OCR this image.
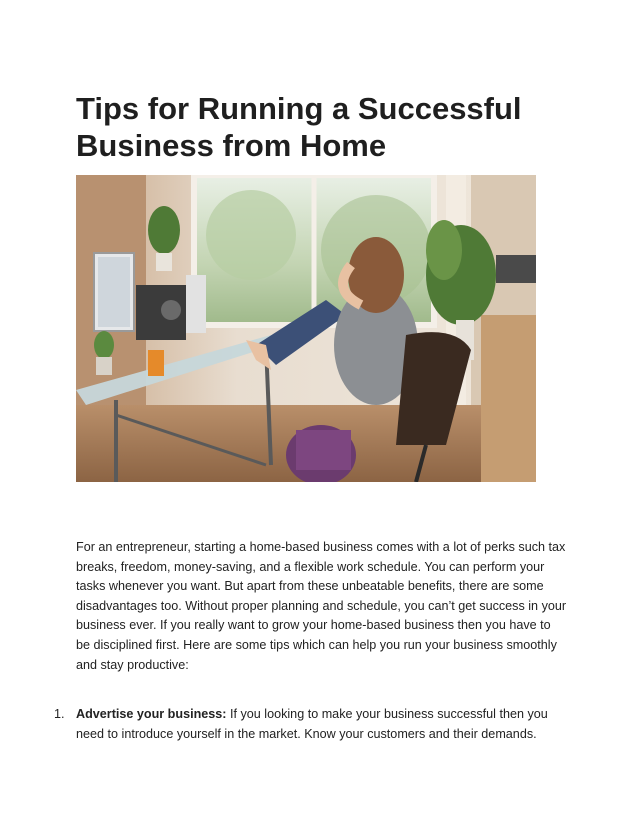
Tips for Running a Successful
Business from Home

For an entrepreneur, starting a home-based business comes with a lot of perks such tax
breaks, freedom, money-saving, and a flexible work schedule. You can perform your
tasks whenever you want. But apart from these unbeatable benefits, there are some
disadvantages too. Without proper planning and schedule, you can’t get success in your
business ever. If you really want to grow your home-based business then you have to
be disciplined first. Here are some tips which can help you run your business smoothly
and stay productive:

1. Advertise your business: If you looking to make your business successful then you
need to introduce yourself in the market. Know your customers and their demands.
